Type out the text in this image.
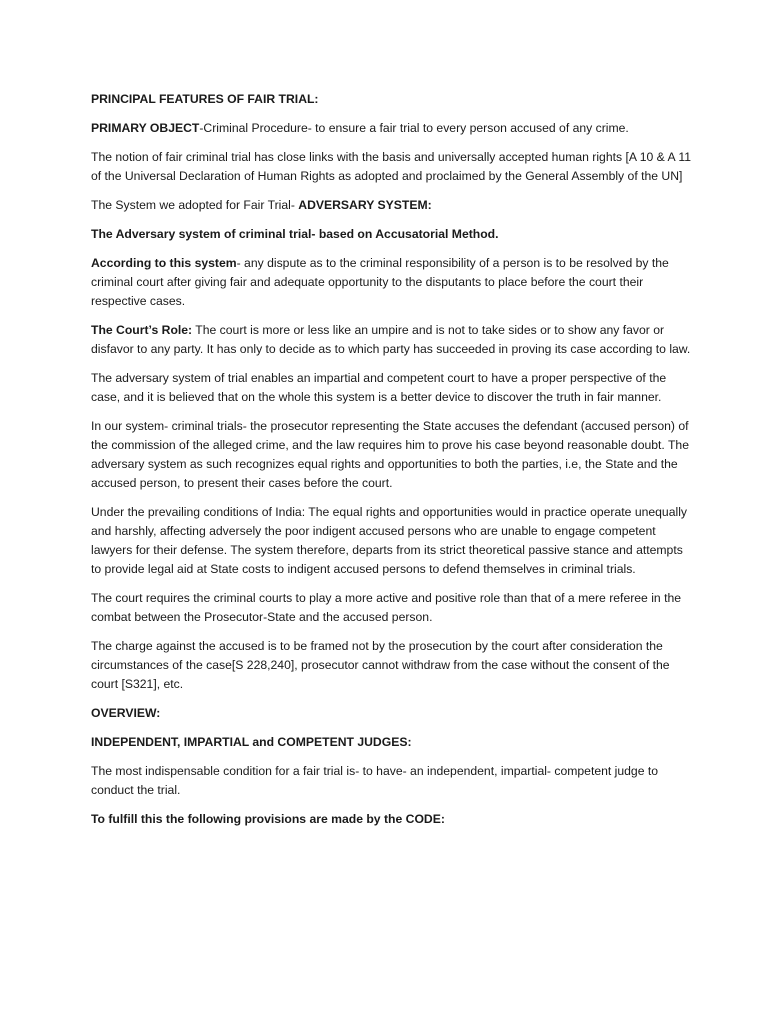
PRINCIPAL FEATURES OF FAIR TRIAL:

PRIMARY OBJECT-Criminal Procedure- to ensure a fair trial to every person accused of any crime.

The notion of fair criminal trial has close links with the basis and universally accepted human rights [A 10 & A 11 of the Universal Declaration of Human Rights as adopted and proclaimed by the General Assembly of the UN]

The System we adopted for Fair Trial- ADVERSARY SYSTEM:

The Adversary system of criminal trial- based on Accusatorial Method.

According to this system- any dispute as to the criminal responsibility of a person is to be resolved by the criminal court after giving fair and adequate opportunity to the disputants to place before the court their respective cases.

The Court’s Role: The court is more or less like an umpire and is not to take sides or to show any favor or disfavor to any party. It has only to decide as to which party has succeeded in proving its case according to law.

The adversary system of trial enables an impartial and competent court to have a proper perspective of the case, and it is believed that on the whole this system is a better device to discover the truth in fair manner.

In our system- criminal trials- the prosecutor representing the State accuses the defendant (accused person) of the commission of the alleged crime, and the law requires him to prove his case beyond reasonable doubt. The adversary system as such recognizes equal rights and opportunities to both the parties, i.e, the State and the accused person, to present their cases before the court.

Under the prevailing conditions of India: The equal rights and opportunities would in practice operate unequally and harshly, affecting adversely the poor indigent accused persons who are unable to engage competent lawyers for their defense. The system therefore, departs from its strict theoretical passive stance and attempts to provide legal aid at State costs to indigent accused persons to defend themselves in criminal trials.

The court requires the criminal courts to play a more active and positive role than that of a mere referee in the combat between the Prosecutor-State and the accused person.

The charge against the accused is to be framed not by the prosecution by the court after consideration the circumstances of the case[S 228,240], prosecutor cannot withdraw from the case without the consent of the court [S321], etc.

OVERVIEW:

INDEPENDENT, IMPARTIAL and COMPETENT JUDGES:

The most indispensable condition for a fair trial is- to have- an independent, impartial- competent judge to conduct the trial.

To fulfill this the following provisions are made by the CODE:
